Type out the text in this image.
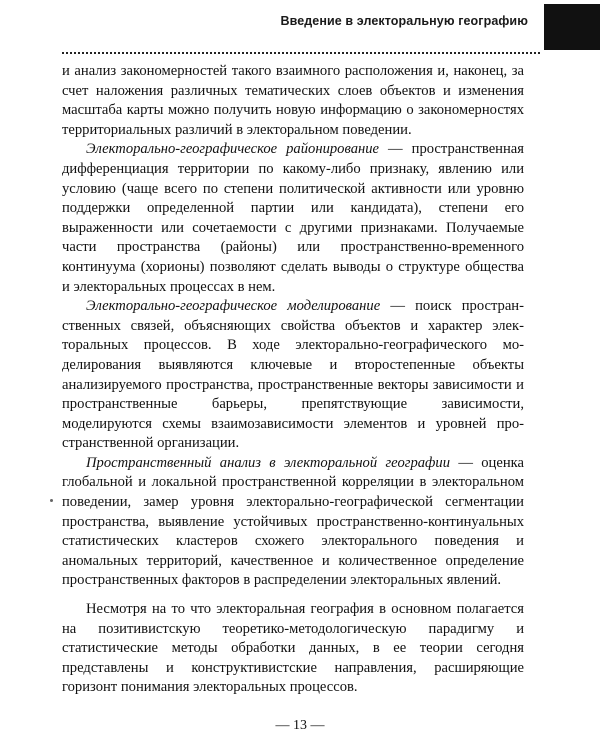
Введение в электоральную географию

и анализ закономерностей такого взаимного расположения и, наконец, за счет наложения различных тематических слоев объектов и изменения масштаба карты можно получить новую информацию о закономерностях территориальных различий в электоральном поведении.

Электорально-географическое районирование — пространственная дифференциация территории по какому-либо признаку, явлению или условию (чаще всего по степени политической активности или уровню поддержки определенной партии или кандидата), степени его выраженности или сочетаемости с другими признаками. Получаемые части пространства (районы) или пространственно-временного континуума (хорионы) позволяют сделать выводы о структуре общества и электоральных процессах в нем.

Электорально-географическое моделирование — поиск пространственных связей, объясняющих свойства объектов и характер электоральных процессов. В ходе электорально-географического моделирования выявляются ключевые и второстепенные объекты анализируемого пространства, пространственные векторы зависимости и пространственные барьеры, препятствующие зависимости, моделируются схемы взаимозависимости элементов и уровней пространственной организации.

Пространственный анализ в электоральной географии — оценка глобальной и локальной пространственной корреляции в электоральном поведении, замер уровня электорально-географической сегментации пространства, выявление устойчивых пространственно-континуальных статистических кластеров схожего электорального поведения и аномальных территорий, качественное и количественное определение пространственных факторов в распределении электоральных явлений.

Несмотря на то что электоральная география в основном полагается на позитивистскую теоретико-методологическую парадигму и статистические методы обработки данных, в ее теории сегодня представлены и конструктивистские направления, расширяющие горизонт понимания электоральных процессов.

— 13 —
